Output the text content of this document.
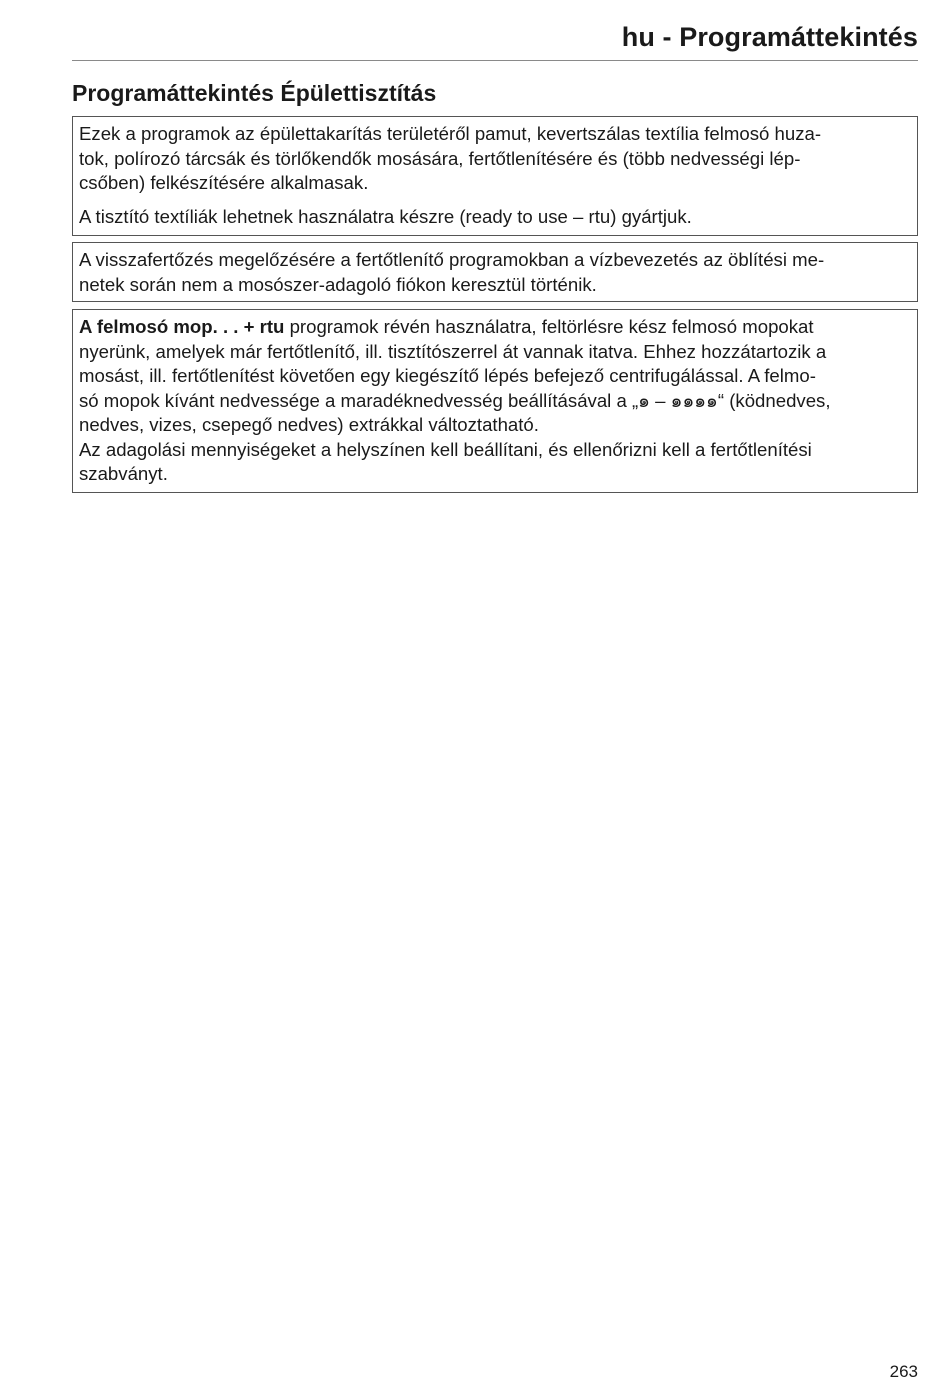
hu - Programáttekintés
Programáttekintés Épülettisztítás

Ezek a programok az épülettakarítás területéről pamut, kevertszálas textília felmosó huza-
tok, polírozó tárcsák és törlőkendők mosására, fertőtlenítésére és (több nedvességi lép-
csőben) felkészítésére alkalmasak.

A tisztító textíliák lehetnek használatra készre (ready to use – rtu) gyártjuk.

A visszafertőzés megelőzésére a fertőtlenítő programokban a vízbevezetés az öblítési me-
netek során nem a mosószer-adagoló fiókon keresztül történik.

A felmosó mop. . . + rtu programok révén használatra, feltörlésre kész felmosó mopokat
nyerünk, amelyek már fertőtlenítő, ill. tisztítószerrel át vannak itatva. Ehhez hozzátartozik a
mosást, ill. fertőtlenítést követően egy kiegészítő lépés befejező centrifugálással. A felmo-
só mopok kívánt nedvessége a maradéknedvesség beállításával a „๑ – ๑๑๑๑“ (ködnedves,
nedves, vizes, csepegő nedves) extrákkal változtatható.

Az adagolási mennyiségeket a helyszínen kell beállítani, és ellenőrizni kell a fertőtlenítési
szabványt.

263
